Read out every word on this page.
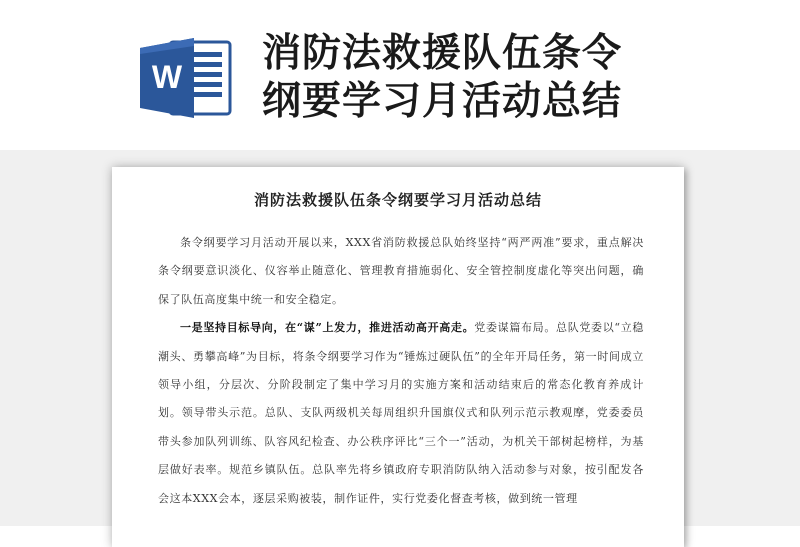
W
消防法救援队伍条令
纲要学习月活动总结
消防法救援队伍条令纲要学习月活动总结

条令纲要学习月活动开展以来，XXX省消防救援总队始终坚持“两严两准”要求，重点解决条令纲要意识淡化、仪容举止随意化、管理教育措施弱化、安全管控制度虚化等突出问题，确保了队伍高度集中统一和安全稳定。

一是坚持目标导向，在“谋”上发力，推进活动高开高走。党委谋篇布局。总队党委以“立稳潮头、勇攀高峰”为目标，将条令纲要学习作为“锤炼过硬队伍”的全年开局任务，第一时间成立领导小组，分层次、分阶段制定了集中学习月的实施方案和活动结束后的常态化教育养成计划。领导带头示范。总队、支队两级机关每周组织升国旗仪式和队列示范示教观摩，党委委员带头参加队列训练、队容风纪检查、办公秩序评比“三个一”活动，为机关干部树起榜样，为基层做好表率。规范乡镇队伍。总队率先将乡镇政府专职消防队纳入活动参与对象，按引配发各会这本XXX会本，逐层采购被装，制作证件，实行党委化督查考核，做到统一管理
